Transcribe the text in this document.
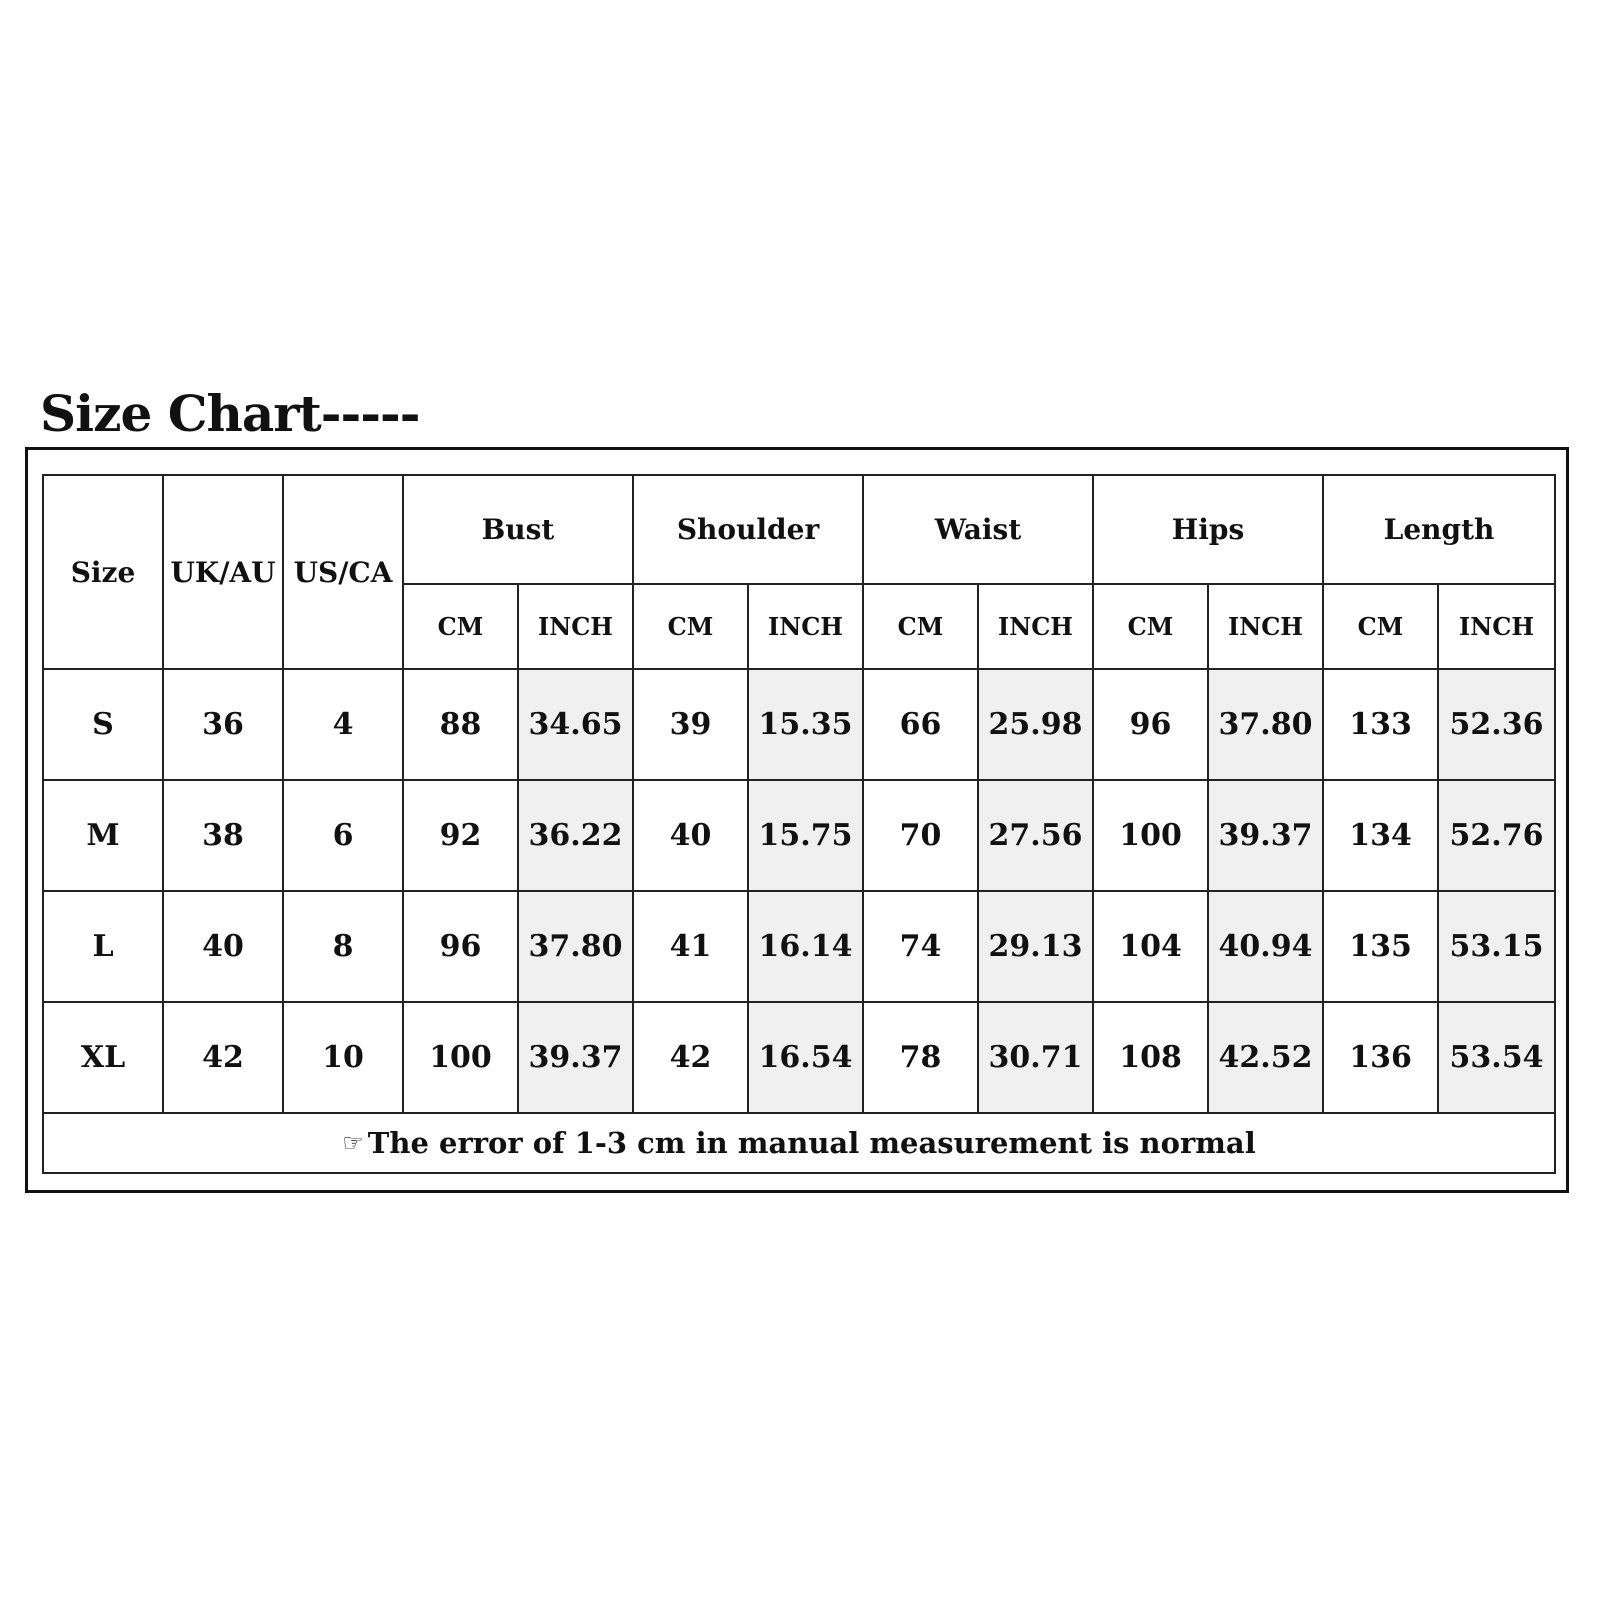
Size Chart-----
Size	UK/AU	US/CA	Bust		Shoulder		Waist		Hips		Length	
			CM	INCH	CM	INCH	CM	INCH	CM	INCH	CM	INCH
S	36	4	88	34.65	39	15.35	66	25.98	96	37.80	133	52.36
M	38	6	92	36.22	40	15.75	70	27.56	100	39.37	134	52.76
L	40	8	96	37.80	41	16.14	74	29.13	104	40.94	135	53.15
XL	42	10	100	39.37	42	16.54	78	30.71	108	42.52	136	53.54
☞ The error of 1-3 cm in manual measurement is normal												
